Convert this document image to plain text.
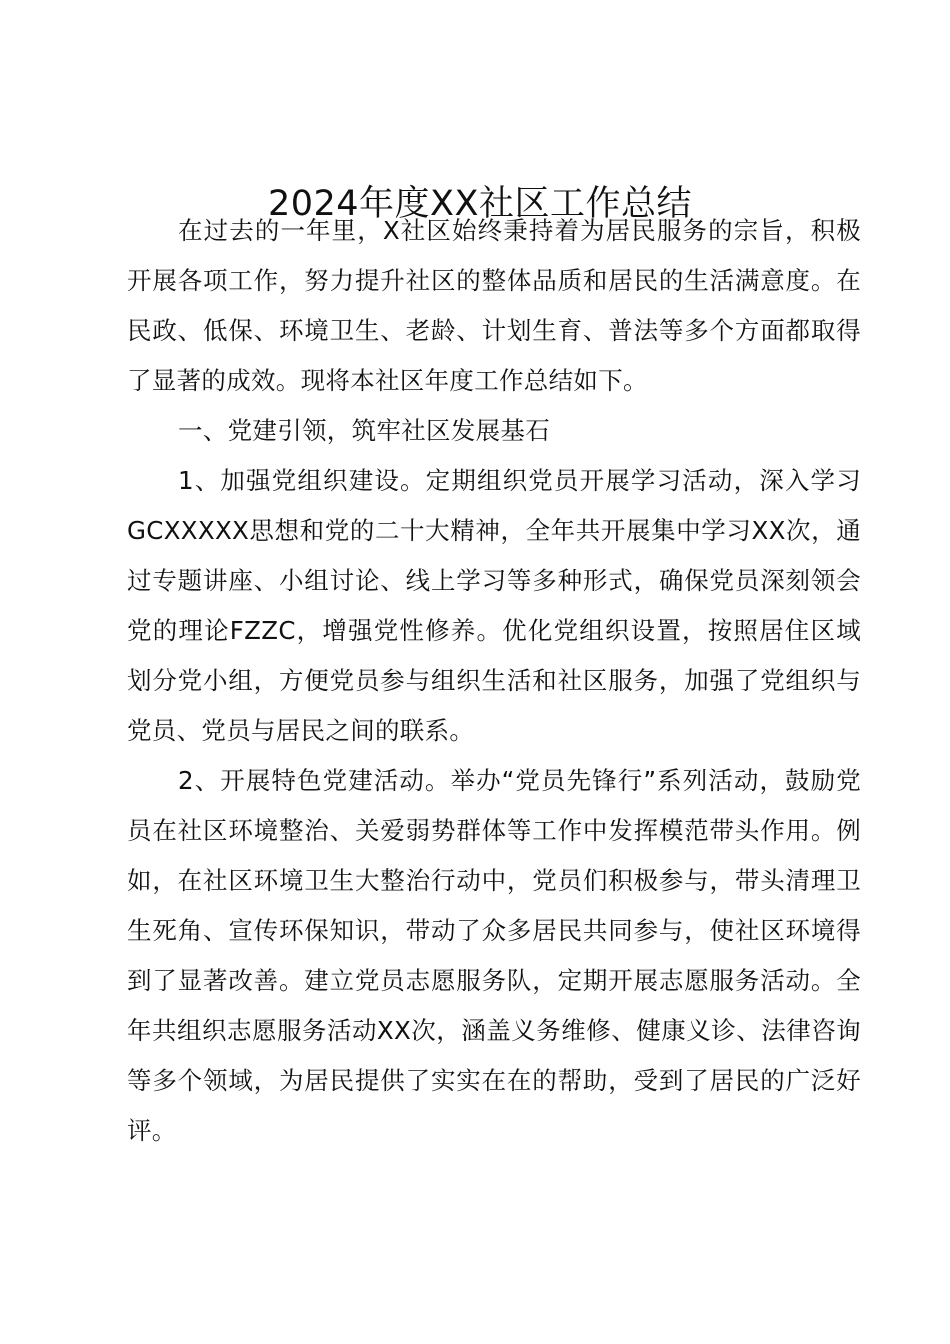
2024年度XX社区工作总结

在过去的一年里，X社区始终秉持着为居民服务的宗旨，积极开展各项工作，努力提升社区的整体品质和居民的生活满意度。在民政、低保、环境卫生、老龄、计划生育、普法等多个方面都取得了显著的成效。现将本社区年度工作总结如下。

一、党建引领，筑牢社区发展基石

1、加强党组织建设。定期组织党员开展学习活动，深入学习GCXXXXX思想和党的二十大精神，全年共开展集中学习XX次，通过专题讲座、小组讨论、线上学习等多种形式，确保党员深刻领会党的理论FZZC，增强党性修养。优化党组织设置，按照居住区域划分党小组，方便党员参与组织生活和社区服务，加强了党组织与党员、党员与居民之间的联系。

2、开展特色党建活动。举办“党员先锋行”系列活动，鼓励党员在社区环境整治、关爱弱势群体等工作中发挥模范带头作用。例如，在社区环境卫生大整治行动中，党员们积极参与，带头清理卫生死角、宣传环保知识，带动了众多居民共同参与，使社区环境得到了显著改善。建立党员志愿服务队，定期开展志愿服务活动。全年共组织志愿服务活动XX次，涵盖义务维修、健康义诊、法律咨询等多个领域，为居民提供了实实在在的帮助，受到了居民的广泛好评。
